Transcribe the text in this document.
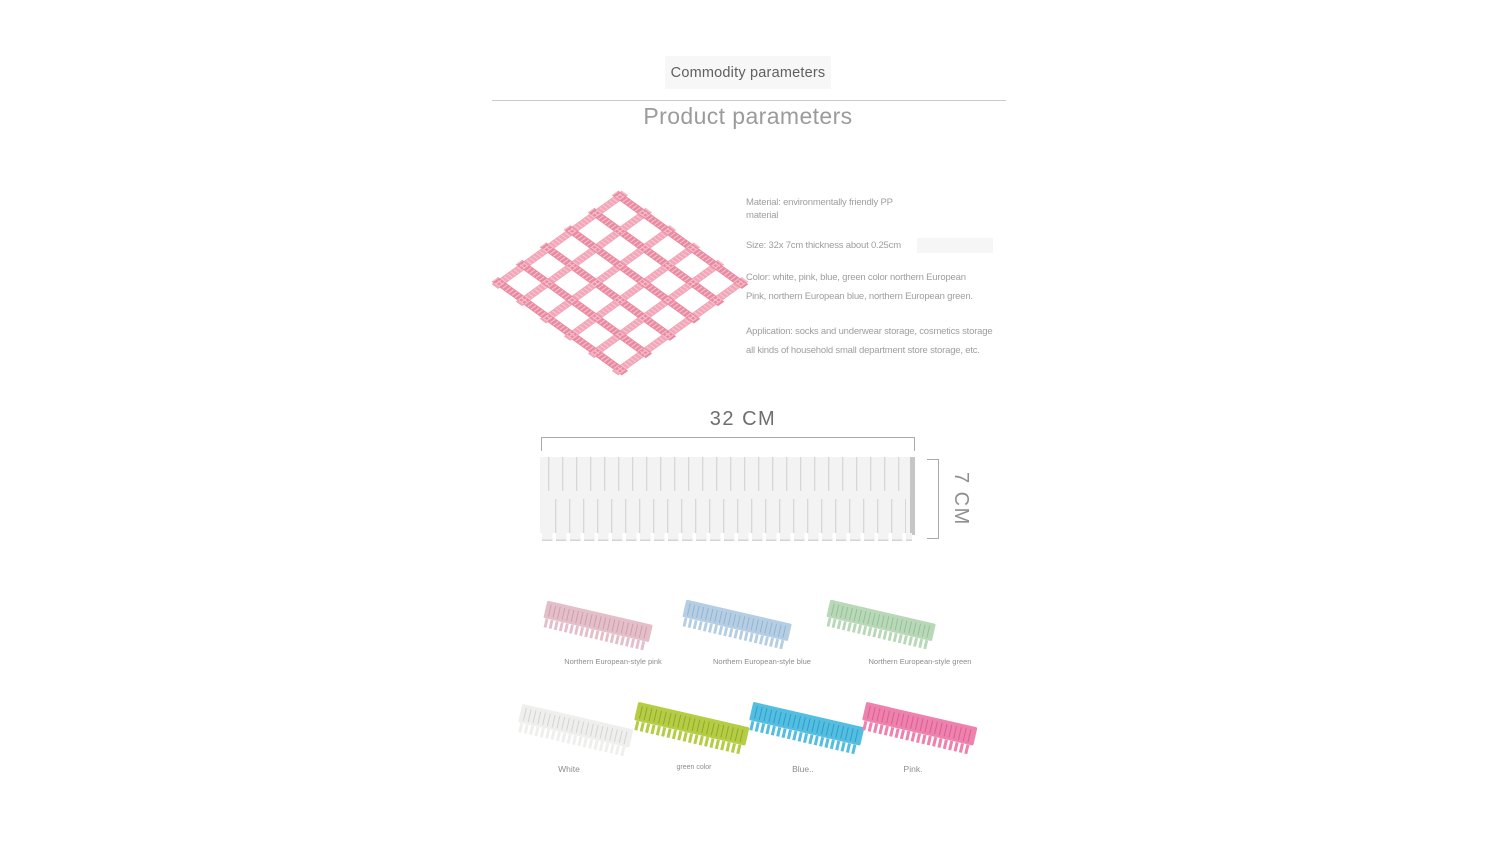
Commodity parameters
Product parameters
Material: environmentally friendly PP
material
Size: 32x 7cm thickness about 0.25cm
Color: white, pink, blue, green color northern European
Pink, northern European blue, northern European green.
Application: socks and underwear storage, cosmetics storage
all kinds of household small department store storage, etc.
32 CM
7 CM
Northern European-style pink	Northern European-style blue	Northern European-style green
White	green color	Blue..	Pink.
